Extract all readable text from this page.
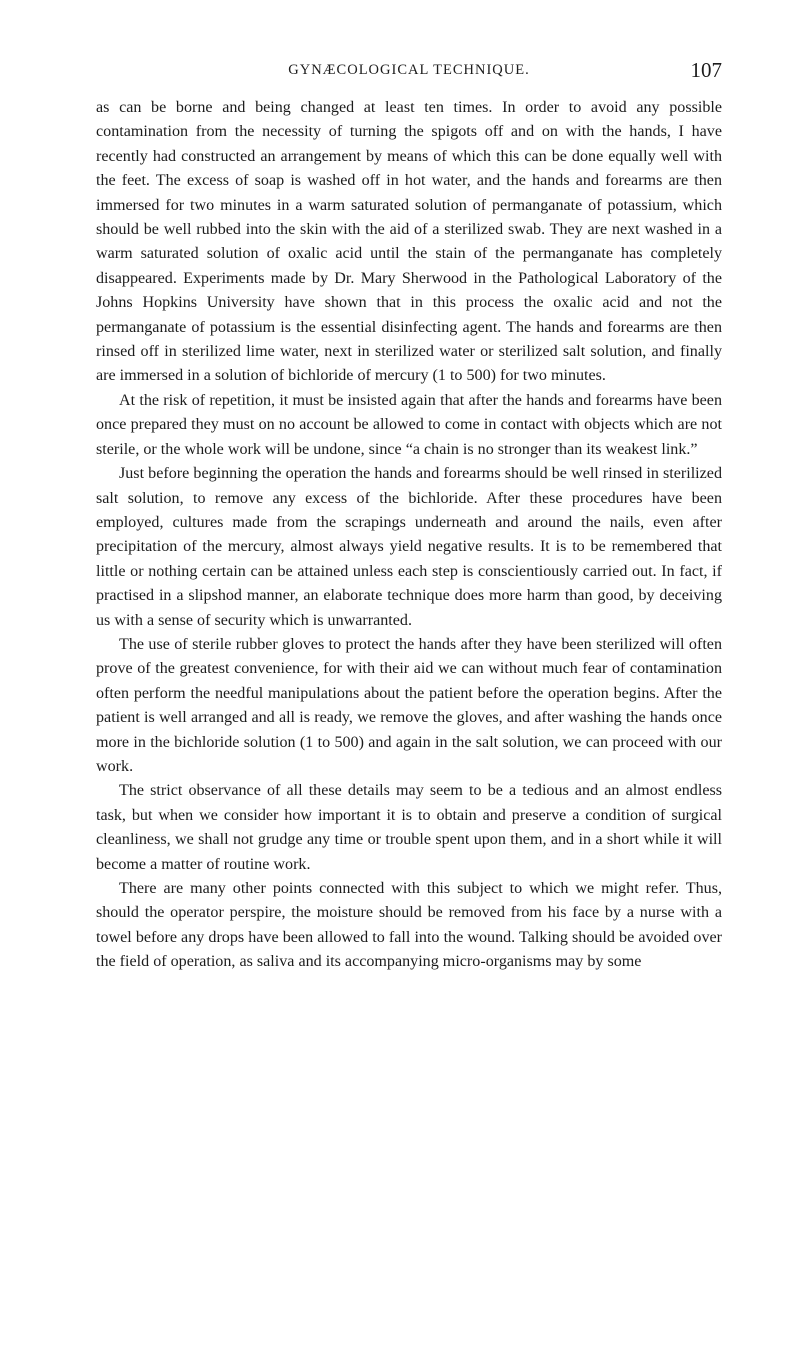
GYNÆCOLOGICAL TECHNIQUE.	107

as can be borne and being changed at least ten times. In order to avoid any possible contamination from the necessity of turning the spigots off and on with the hands, I have recently had constructed an arrangement by means of which this can be done equally well with the feet. The excess of soap is washed off in hot water, and the hands and forearms are then immersed for two minutes in a warm saturated solution of permanganate of potassium, which should be well rubbed into the skin with the aid of a sterilized swab. They are next washed in a warm saturated solution of oxalic acid until the stain of the permanganate has completely disappeared. Experiments made by Dr. Mary Sherwood in the Pathological Laboratory of the Johns Hopkins University have shown that in this process the oxalic acid and not the permanganate of potassium is the essential disinfecting agent. The hands and forearms are then rinsed off in sterilized lime water, next in sterilized water or sterilized salt solution, and finally are immersed in a solution of bichloride of mercury (1 to 500) for two minutes.

At the risk of repetition, it must be insisted again that after the hands and forearms have been once prepared they must on no account be allowed to come in contact with objects which are not sterile, or the whole work will be undone, since “a chain is no stronger than its weakest link.”

Just before beginning the operation the hands and forearms should be well rinsed in sterilized salt solution, to remove any excess of the bichloride. After these procedures have been employed, cultures made from the scrapings underneath and around the nails, even after precipitation of the mercury, almost always yield negative results. It is to be remembered that little or nothing certain can be attained unless each step is conscientiously carried out. In fact, if practised in a slipshod manner, an elaborate technique does more harm than good, by deceiving us with a sense of security which is unwarranted.

The use of sterile rubber gloves to protect the hands after they have been sterilized will often prove of the greatest convenience, for with their aid we can without much fear of contamination often perform the needful manipulations about the patient before the operation begins. After the patient is well arranged and all is ready, we remove the gloves, and after washing the hands once more in the bichloride solution (1 to 500) and again in the salt solution, we can proceed with our work.

The strict observance of all these details may seem to be a tedious and an almost endless task, but when we consider how important it is to obtain and preserve a condition of surgical cleanliness, we shall not grudge any time or trouble spent upon them, and in a short while it will become a matter of routine work.

There are many other points connected with this subject to which we might refer. Thus, should the operator perspire, the moisture should be removed from his face by a nurse with a towel before any drops have been allowed to fall into the wound. Talking should be avoided over the field of operation, as saliva and its accompanying micro-organisms may by some
